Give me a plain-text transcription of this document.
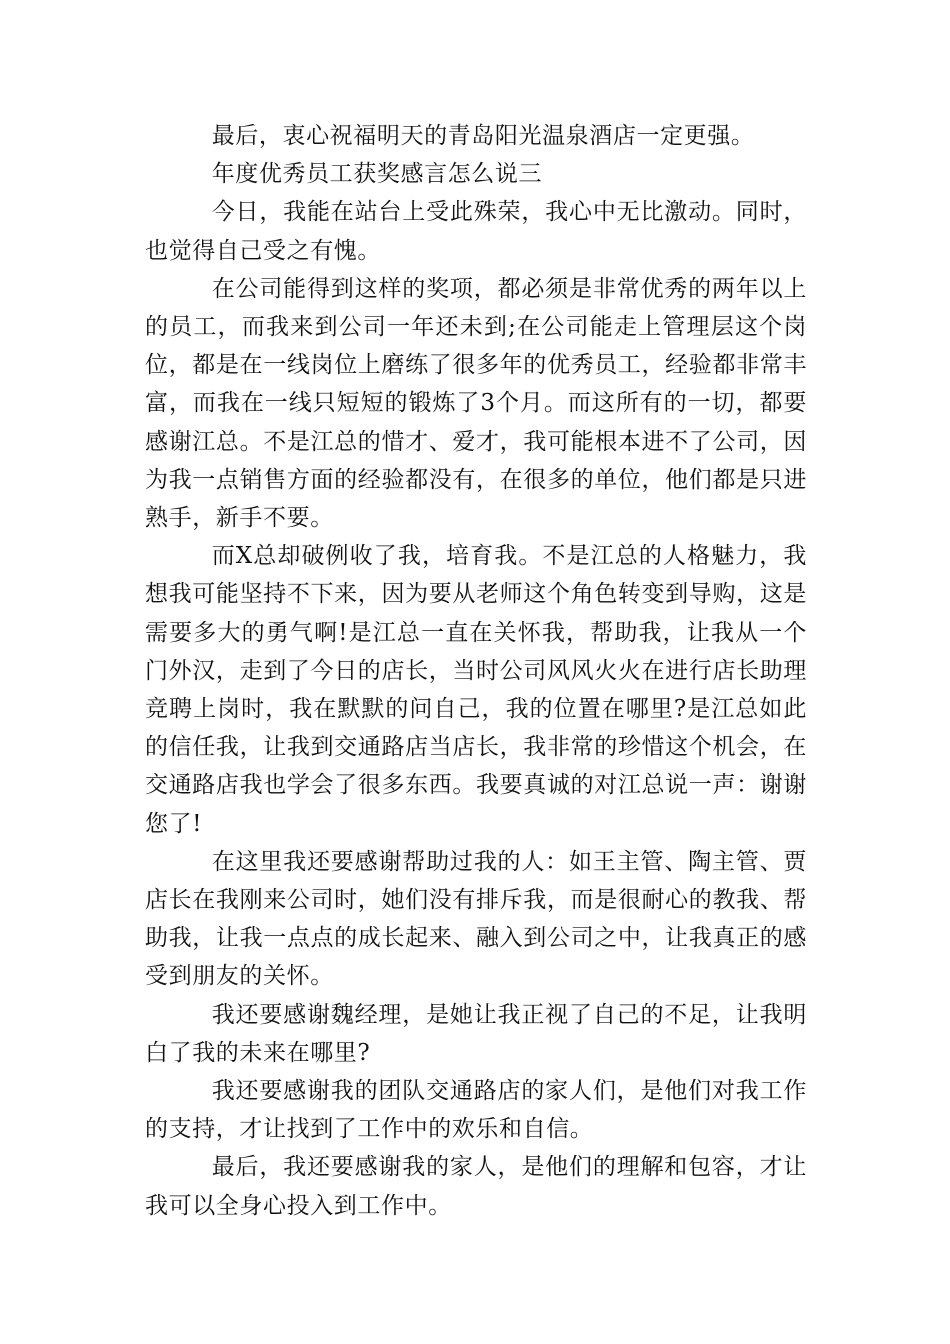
最后，衷心祝福明天的青岛阳光温泉酒店一定更强。

年度优秀员工获奖感言怎么说三

今日，我能在站台上受此殊荣，我心中无比激动。同时，也觉得自己受之有愧。

在公司能得到这样的奖项，都必须是非常优秀的两年以上的员工，而我来到公司一年还未到;在公司能走上管理层这个岗位，都是在一线岗位上磨练了很多年的优秀员工，经验都非常丰富，而我在一线只短短的锻炼了3个月。而这所有的一切，都要感谢江总。不是江总的惜才、爱才，我可能根本进不了公司，因为我一点销售方面的经验都没有，在很多的单位，他们都是只进熟手，新手不要。

而X总却破例收了我，培育我。不是江总的人格魅力，我想我可能坚持不下来，因为要从老师这个角色转变到导购，这是需要多大的勇气啊!是江总一直在关怀我，帮助我，让我从一个门外汉，走到了今日的店长，当时公司风风火火在进行店长助理竞聘上岗时，我在默默的问自己，我的位置在哪里?是江总如此的信任我，让我到交通路店当店长，我非常的珍惜这个机会，在交通路店我也学会了很多东西。我要真诚的对江总说一声：谢谢您了!

在这里我还要感谢帮助过我的人：如王主管、陶主管、贾店长在我刚来公司时，她们没有排斥我，而是很耐心的教我、帮助我，让我一点点的成长起来、融入到公司之中，让我真正的感受到朋友的关怀。

我还要感谢魏经理，是她让我正视了自己的不足，让我明白了我的未来在哪里?

我还要感谢我的团队交通路店的家人们，是他们对我工作的支持，才让找到了工作中的欢乐和自信。

最后，我还要感谢我的家人，是他们的理解和包容，才让我可以全身心投入到工作中。
